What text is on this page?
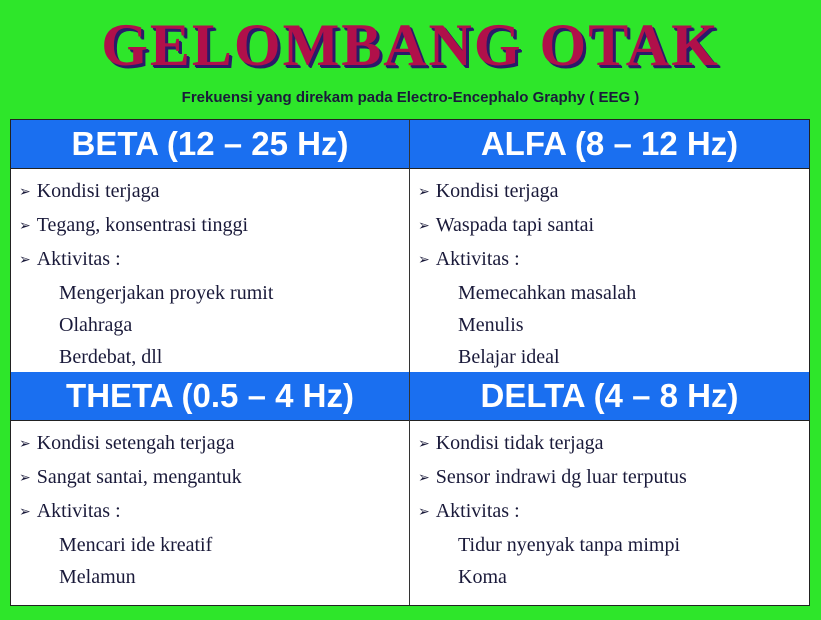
GELOMBANG OTAK
Frekuensi yang direkam pada Electro-Encephalo Graphy ( EEG )
BETA (12 – 25 Hz)
➢ Kondisi terjaga
➢ Tegang, konsentrasi tinggi
➢ Aktivitas :
Mengerjakan proyek rumit
Olahraga
Berdebat, dll
ALFA (8 – 12 Hz)
➢ Kondisi terjaga
➢ Waspada tapi santai
➢ Aktivitas :
Memecahkan masalah
Menulis
Belajar ideal
THETA (0.5 – 4 Hz)
➢ Kondisi setengah terjaga
➢ Sangat santai, mengantuk
➢ Aktivitas :
Mencari ide kreatif
Melamun
DELTA (4 – 8 Hz)
➢ Kondisi tidak terjaga
➢ Sensor indrawi dg luar terputus
➢ Aktivitas :
Tidur nyenyak tanpa mimpi
Koma
